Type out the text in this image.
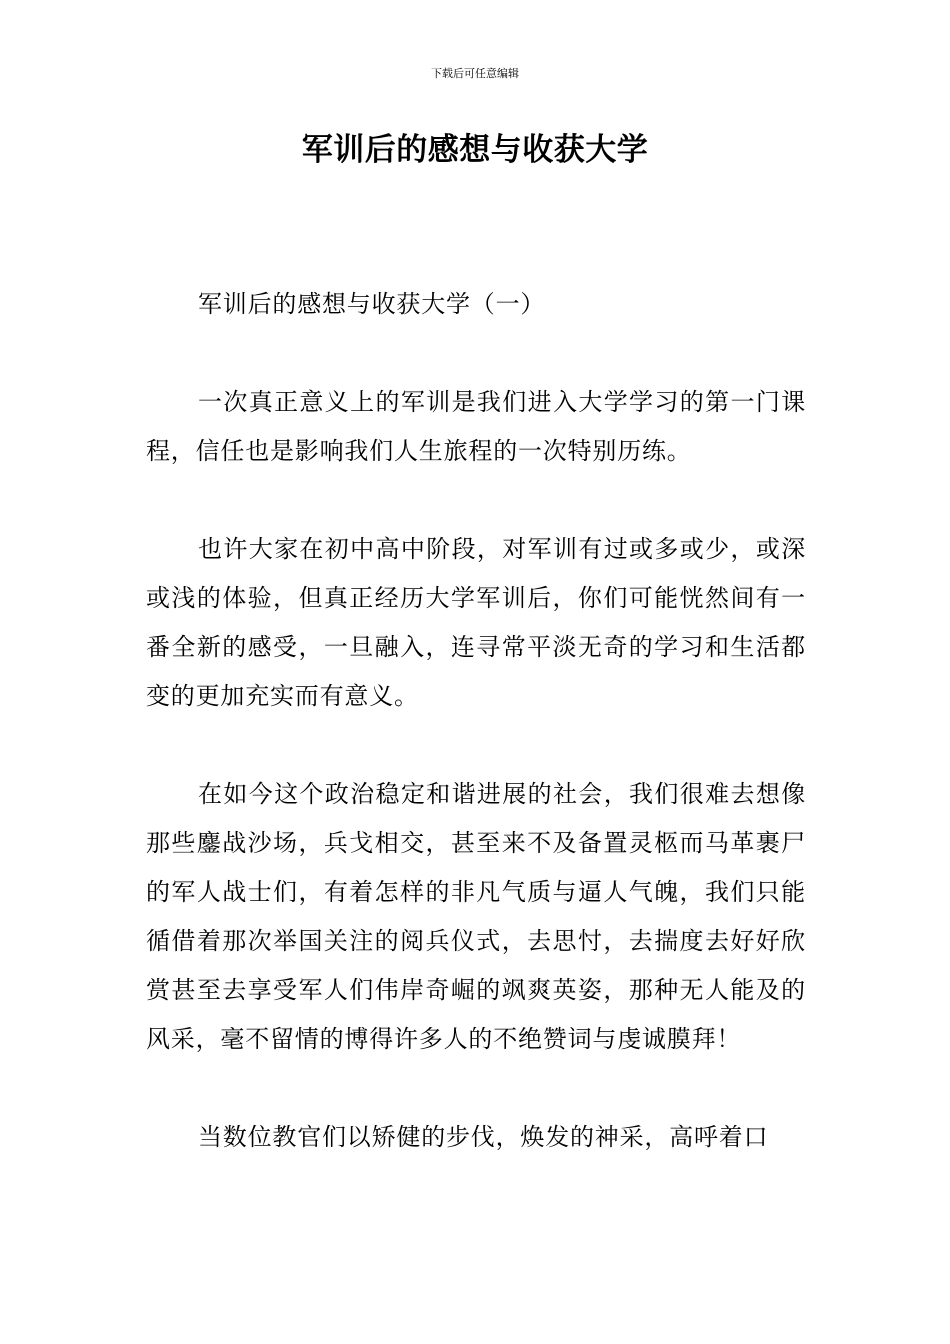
下载后可任意编辑
军训后的感想与收获大学

军训后的感想与收获大学（一）

一次真正意义上的军训是我们进入大学学习的第一门课程，信任也是影响我们人生旅程的一次特别历练。

也许大家在初中高中阶段，对军训有过或多或少，或深或浅的体验，但真正经历大学军训后，你们可能恍然间有一番全新的感受，一旦融入，连寻常平淡无奇的学习和生活都变的更加充实而有意义。

在如今这个政治稳定和谐进展的社会，我们很难去想像那些鏖战沙场，兵戈相交，甚至来不及备置灵柩而马革裹尸的军人战士们，有着怎样的非凡气质与逼人气魄，我们只能循借着那次举国关注的阅兵仪式，去思忖，去揣度去好好欣赏甚至去享受军人们伟岸奇崛的飒爽英姿，那种无人能及的风采，毫不留情的博得许多人的不绝赞词与虔诚膜拜！

当数位教官们以矫健的步伐，焕发的神采，高呼着口
